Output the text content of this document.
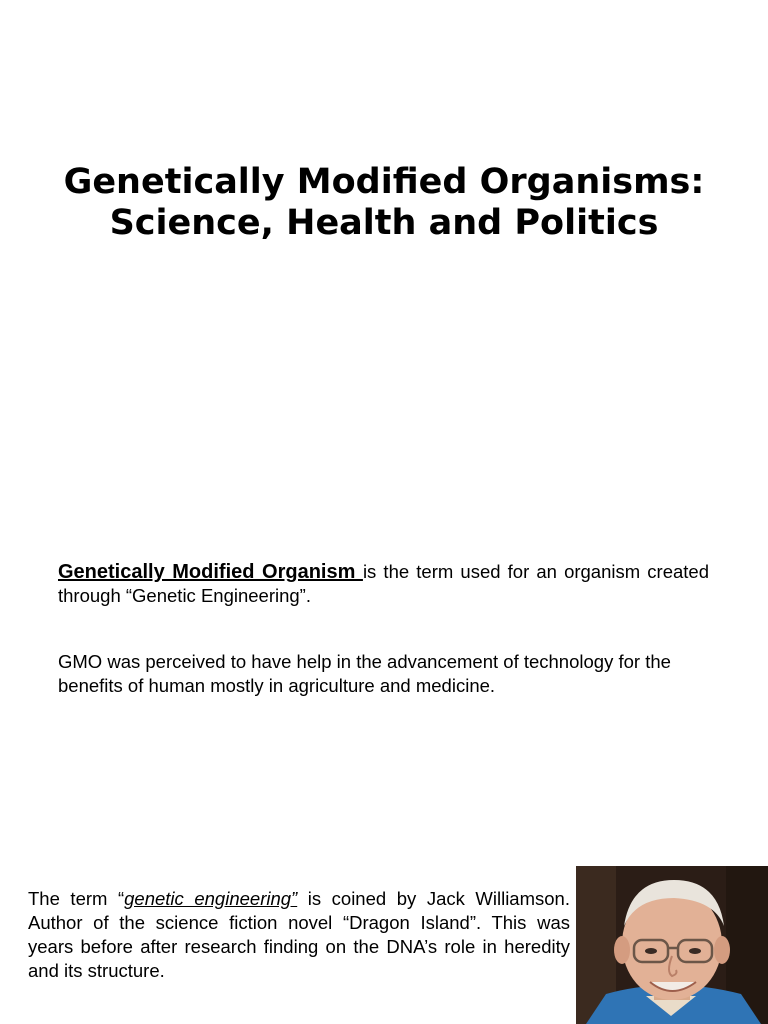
Genetically Modified Organisms:
Science, Health and Politics

Genetically Modified Organism is the term used for an organism created through “Genetic Engineering”.

GMO was perceived to have help in the advancement of technology for the benefits of human mostly in agriculture and medicine.

The term “genetic engineering” is coined by Jack Williamson. Author of the science fiction novel “Dragon Island”. This was years before after research finding on the DNA’s role in heredity and its structure.
